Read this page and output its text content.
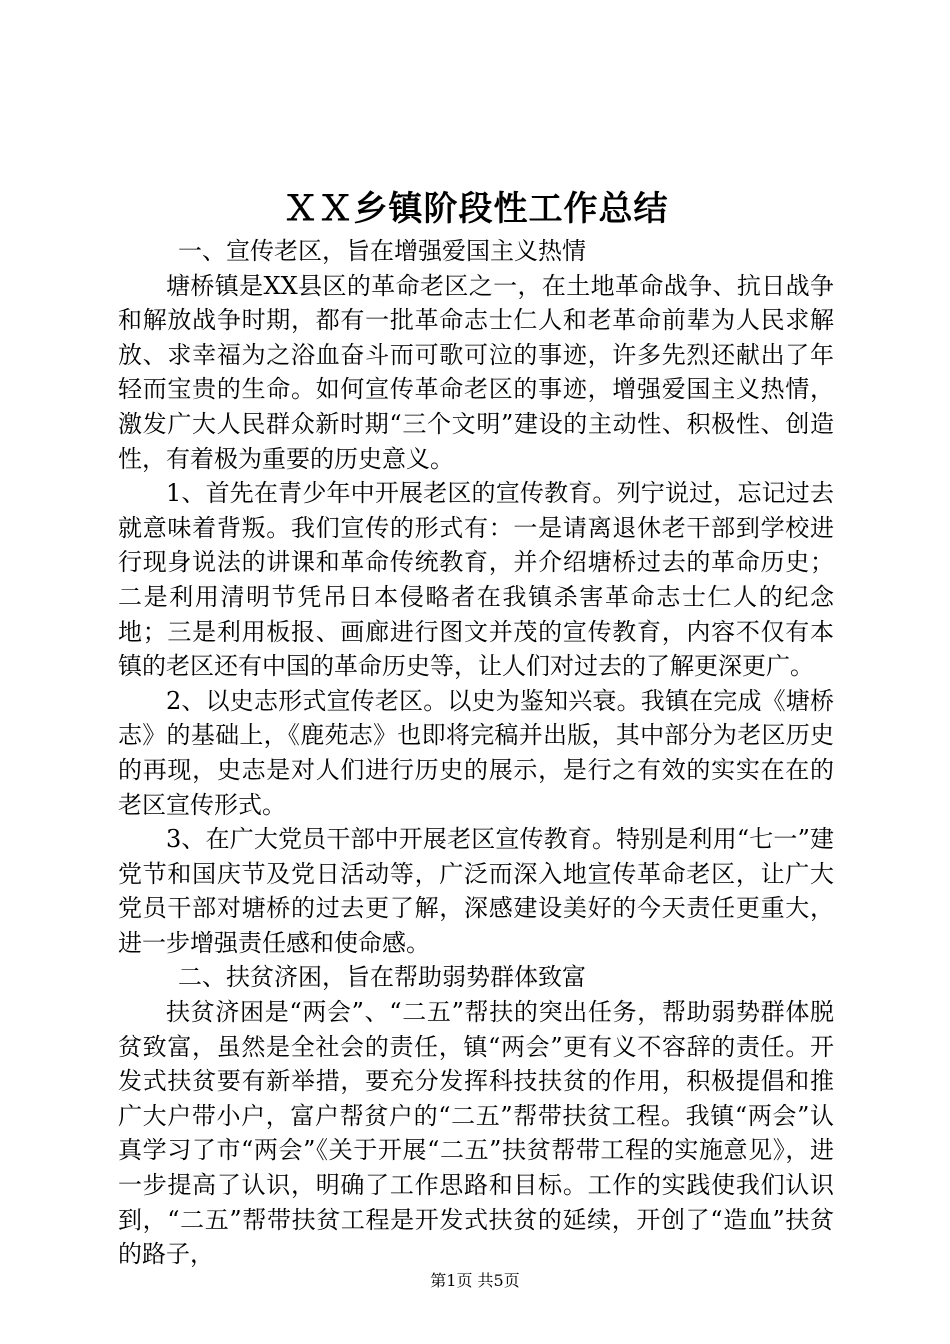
ＸＸ乡镇阶段性工作总结

一、宣传老区，旨在增强爱国主义热情

塘桥镇是XX县区的革命老区之一，在土地革命战争、抗日战争和解放战争时期，都有一批革命志士仁人和老革命前辈为人民求解放、求幸福为之浴血奋斗而可歌可泣的事迹，许多先烈还献出了年轻而宝贵的生命。如何宣传革命老区的事迹，增强爱国主义热情，激发广大人民群众新时期“三个文明”建设的主动性、积极性、创造性，有着极为重要的历史意义。

1、首先在青少年中开展老区的宣传教育。列宁说过，忘记过去就意味着背叛。我们宣传的形式有：一是请离退休老干部到学校进行现身说法的讲课和革命传统教育，并介绍塘桥过去的革命历史；二是利用清明节凭吊日本侵略者在我镇杀害革命志士仁人的纪念地；三是利用板报、画廊进行图文并茂的宣传教育，内容不仅有本镇的老区还有中国的革命历史等，让人们对过去的了解更深更广。

2、以史志形式宣传老区。以史为鉴知兴衰。我镇在完成《塘桥志》的基础上，《鹿苑志》也即将完稿并出版，其中部分为老区历史的再现，史志是对人们进行历史的展示，是行之有效的实实在在的老区宣传形式。

3、在广大党员干部中开展老区宣传教育。特别是利用“七一”建党节和国庆节及党日活动等，广泛而深入地宣传革命老区，让广大党员干部对塘桥的过去更了解，深感建设美好的今天责任更重大，进一步增强责任感和使命感。

二、扶贫济困，旨在帮助弱势群体致富

扶贫济困是“两会”、“二五”帮扶的突出任务，帮助弱势群体脱贫致富，虽然是全社会的责任，镇“两会”更有义不容辞的责任。开发式扶贫要有新举措，要充分发挥科技扶贫的作用，积极提倡和推广大户带小户，富户帮贫户的“二五”帮带扶贫工程。我镇“两会”认真学习了市“两会”《关于开展“二五”扶贫帮带工程的实施意见》，进一步提高了认识，明确了工作思路和目标。工作的实践使我们认识到，“二五”帮带扶贫工程是开发式扶贫的延续，开创了“造血”扶贫的路子，

第1页 共5页
